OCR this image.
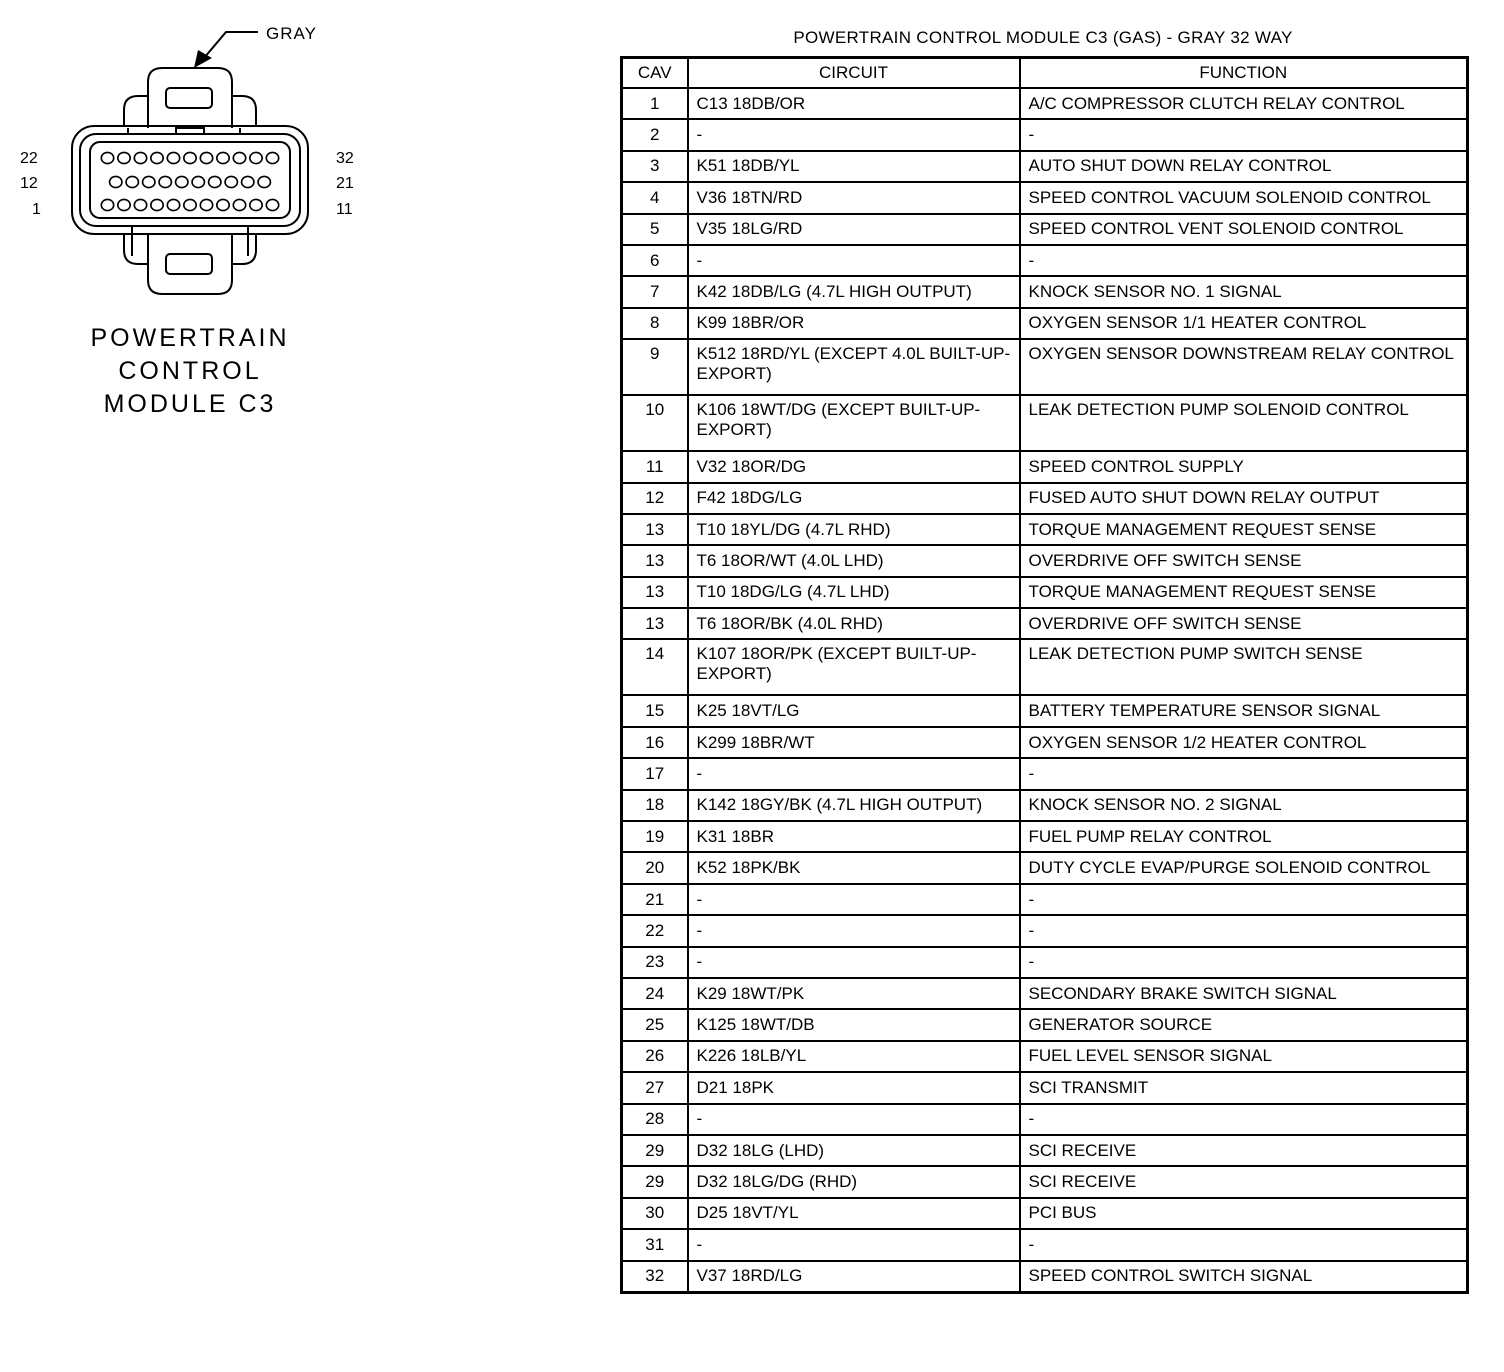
GRAY
22
12
1
32
21
11
POWERTRAIN
CONTROL
MODULE C3
POWERTRAIN CONTROL MODULE C3 (GAS) - GRAY 32 WAY
CAV	CIRCUIT	FUNCTION
1	C13 18DB/OR	A/C COMPRESSOR CLUTCH RELAY CONTROL
2	-	-
3	K51 18DB/YL	AUTO SHUT DOWN RELAY CONTROL
4	V36 18TN/RD	SPEED CONTROL VACUUM SOLENOID CONTROL
5	V35 18LG/RD	SPEED CONTROL VENT SOLENOID CONTROL
6	-	-
7	K42 18DB/LG (4.7L HIGH OUTPUT)	KNOCK SENSOR NO. 1 SIGNAL
8	K99 18BR/OR	OXYGEN SENSOR 1/1 HEATER CONTROL
9	K512 18RD/YL (EXCEPT 4.0L BUILT-UP-EXPORT)	OXYGEN SENSOR DOWNSTREAM RELAY CONTROL
10	K106 18WT/DG (EXCEPT BUILT-UP-EXPORT)	LEAK DETECTION PUMP SOLENOID CONTROL
11	V32 18OR/DG	SPEED CONTROL SUPPLY
12	F42 18DG/LG	FUSED AUTO SHUT DOWN RELAY OUTPUT
13	T10 18YL/DG (4.7L RHD)	TORQUE MANAGEMENT REQUEST SENSE
13	T6 18OR/WT (4.0L LHD)	OVERDRIVE OFF SWITCH SENSE
13	T10 18DG/LG (4.7L LHD)	TORQUE MANAGEMENT REQUEST SENSE
13	T6 18OR/BK (4.0L RHD)	OVERDRIVE OFF SWITCH SENSE
14	K107 18OR/PK (EXCEPT BUILT-UP-EXPORT)	LEAK DETECTION PUMP SWITCH SENSE
15	K25 18VT/LG	BATTERY TEMPERATURE SENSOR SIGNAL
16	K299 18BR/WT	OXYGEN SENSOR 1/2 HEATER CONTROL
17	-	-
18	K142 18GY/BK (4.7L HIGH OUTPUT)	KNOCK SENSOR NO. 2 SIGNAL
19	K31 18BR	FUEL PUMP RELAY CONTROL
20	K52 18PK/BK	DUTY CYCLE EVAP/PURGE SOLENOID CONTROL
21	-	-
22	-	-
23	-	-
24	K29 18WT/PK	SECONDARY BRAKE SWITCH SIGNAL
25	K125 18WT/DB	GENERATOR SOURCE
26	K226 18LB/YL	FUEL LEVEL SENSOR SIGNAL
27	D21 18PK	SCI TRANSMIT
28	-	-
29	D32 18LG (LHD)	SCI RECEIVE
29	D32 18LG/DG (RHD)	SCI RECEIVE
30	D25 18VT/YL	PCI BUS
31	-	-
32	V37 18RD/LG	SPEED CONTROL SWITCH SIGNAL
